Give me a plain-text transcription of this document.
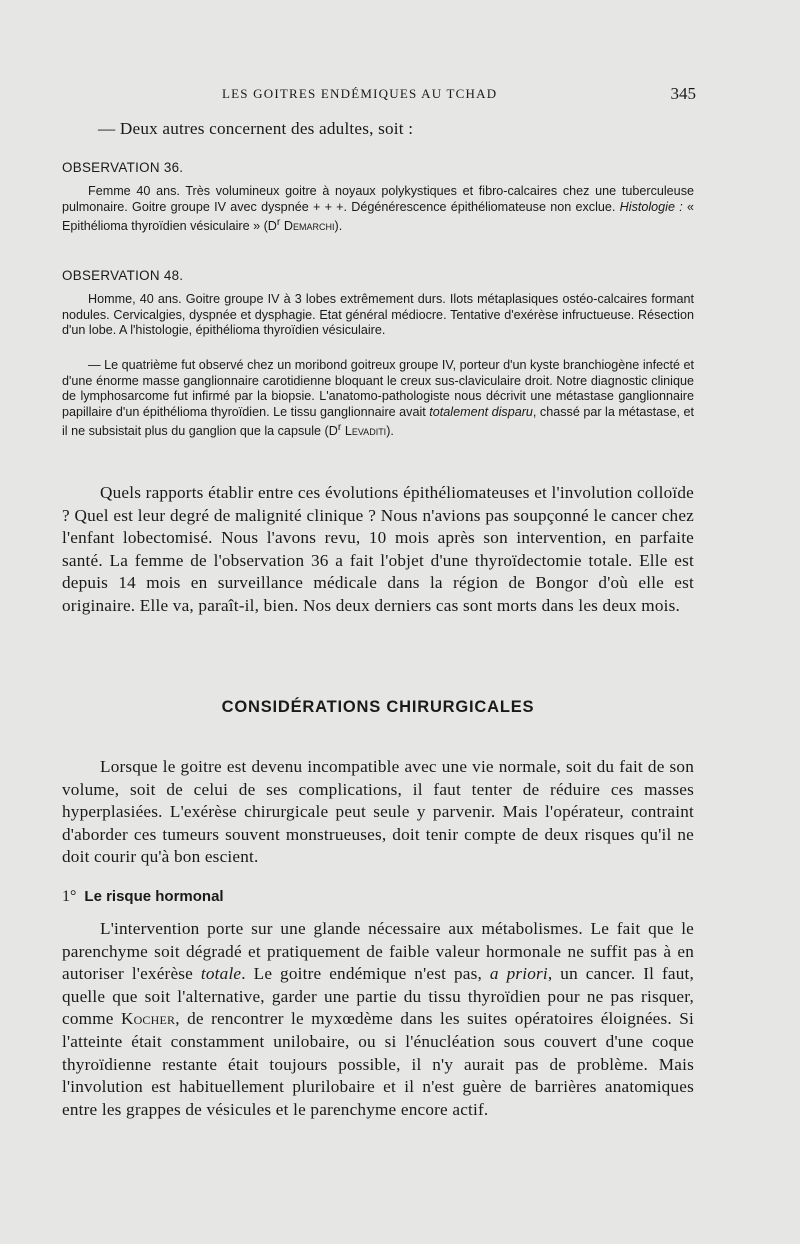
LES GOITRES ENDÉMIQUES AU TCHAD	345

— Deux autres concernent des adultes, soit :

OBSERVATION 36.

Femme 40 ans. Très volumineux goitre à noyaux polykystiques et fibro-calcaires chez une tuberculeuse pulmonaire. Goitre groupe IV avec dyspnée + + +. Dégénérescence épithéliomateuse non exclue. Histologie : « Epithélioma thyroïdien vésiculaire » ($D^r$ Demarchi).

OBSERVATION 48.

Homme, 40 ans. Goitre groupe IV à 3 lobes extrêmement durs. Ilots métaplasiques ostéo-calcaires formant nodules. Cervicalgies, dyspnée et dysphagie. Etat général médiocre. Tentative d'exérèse infructueuse. Résection d'un lobe. A l'histologie, épithélioma thyroïdien vésiculaire.

— Le quatrième fut observé chez un moribond goitreux groupe IV, porteur d'un kyste branchiogène infecté et d'une énorme masse ganglionnaire carotidienne bloquant le creux sus-claviculaire droit. Notre diagnostic clinique de lymphosarcome fut infirmé par la biopsie. L'anatomo-pathologiste nous décrivit une métastase ganglionnaire papillaire d'un épithélioma thyroïdien. Le tissu ganglionnaire avait totalement disparu, chassé par la métastase, et il ne subsistait plus du ganglion que la capsule ($D^r$ Levaditi).

Quels rapports établir entre ces évolutions épithéliomateuses et l'involution colloïde ? Quel est leur degré de malignité clinique ? Nous n'avions pas soupçonné le cancer chez l'enfant lobectomisé. Nous l'avons revu, 10 mois après son intervention, en parfaite santé. La femme de l'observation 36 a fait l'objet d'une thyroïdectomie totale. Elle est depuis 14 mois en surveillance médicale dans la région de Bongor d'où elle est originaire. Elle va, paraît-il, bien. Nos deux derniers cas sont morts dans les deux mois.

CONSIDÉRATIONS CHIRURGICALES

Lorsque le goitre est devenu incompatible avec une vie normale, soit du fait de son volume, soit de celui de ses complications, il faut tenter de réduire ces masses hyperplasiées. L'exérèse chirurgicale peut seule y parvenir. Mais l'opérateur, contraint d'aborder ces tumeurs souvent monstrueuses, doit tenir compte de deux risques qu'il ne doit courir qu'à bon escient.

1° Le risque hormonal

L'intervention porte sur une glande nécessaire aux métabolismes. Le fait que le parenchyme soit dégradé et pratiquement de faible valeur hormonale ne suffit pas à en autoriser l'exérèse totale. Le goitre endémique n'est pas, a priori, un cancer. Il faut, quelle que soit l'alternative, garder une partie du tissu thyroïdien pour ne pas risquer, comme Kocher, de rencontrer le myxœdème dans les suites opératoires éloignées. Si l'atteinte était constamment unilobaire, ou si l'énucléation sous couvert d'une coque thyroïdienne restante était toujours possible, il n'y aurait pas de problème. Mais l'involution est habituellement plurilobaire et il n'est guère de barrières anatomiques entre les grappes de vésicules et le parenchyme encore actif.
